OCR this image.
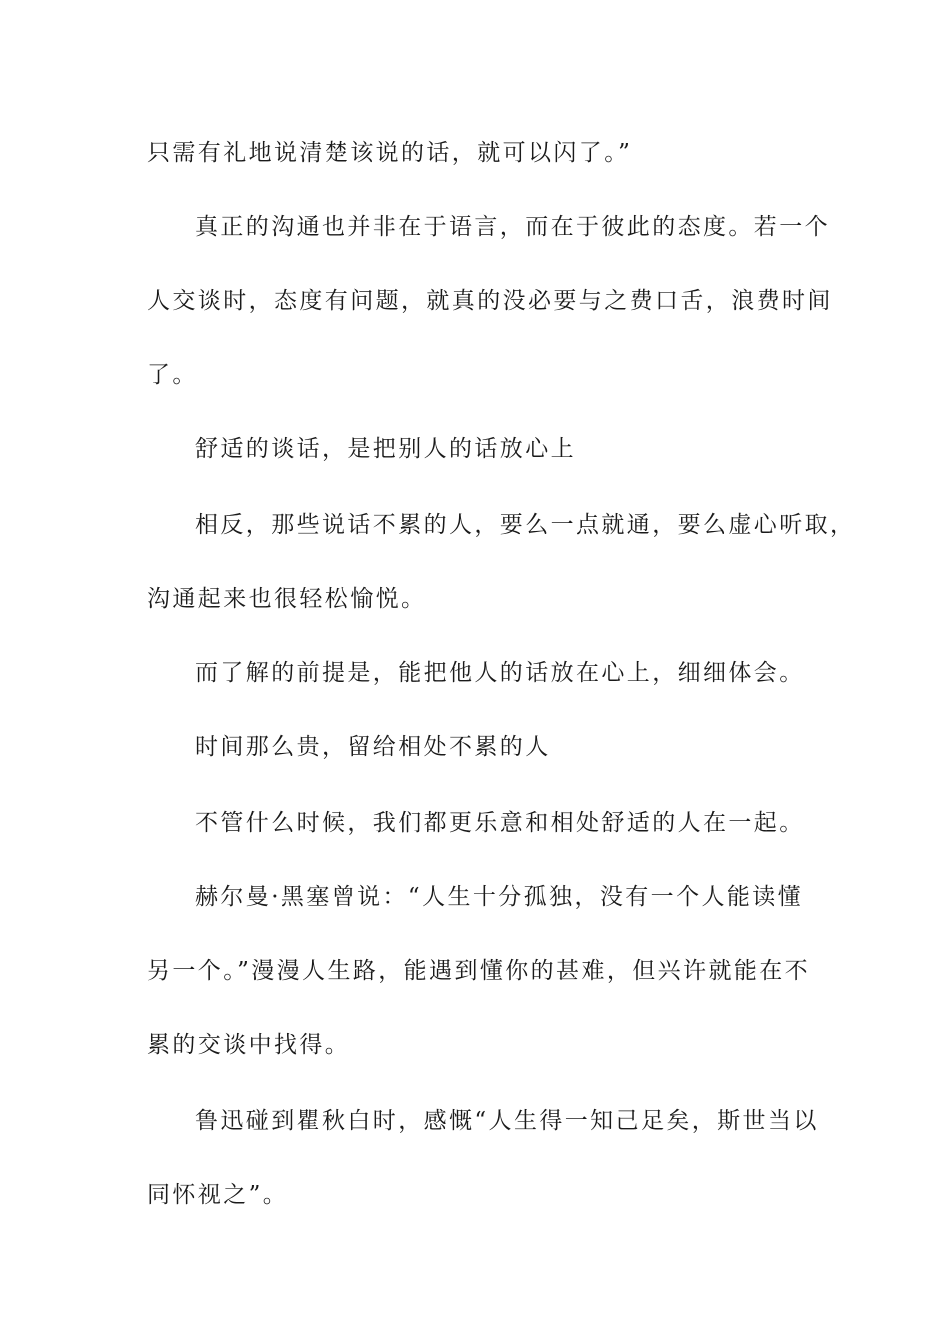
只需有礼地说清楚该说的话，就可以闪了。”
真正的沟通也并非在于语言，而在于彼此的态度。若一个
人交谈时，态度有问题，就真的没必要与之费口舌，浪费时间
了。
舒适的谈话，是把别人的话放心上
相反，那些说话不累的人，要么一点就通，要么虚心听取，
沟通起来也很轻松愉悦。
而了解的前提是，能把他人的话放在心上，细细体会。
时间那么贵，留给相处不累的人
不管什么时候，我们都更乐意和相处舒适的人在一起。
赫尔曼·黑塞曾说：“人生十分孤独，没有一个人能读懂
另一个。”漫漫人生路，能遇到懂你的甚难，但兴许就能在不
累的交谈中找得。
鲁迅碰到瞿秋白时，感慨“人生得一知己足矣，斯世当以
同怀视之”。
